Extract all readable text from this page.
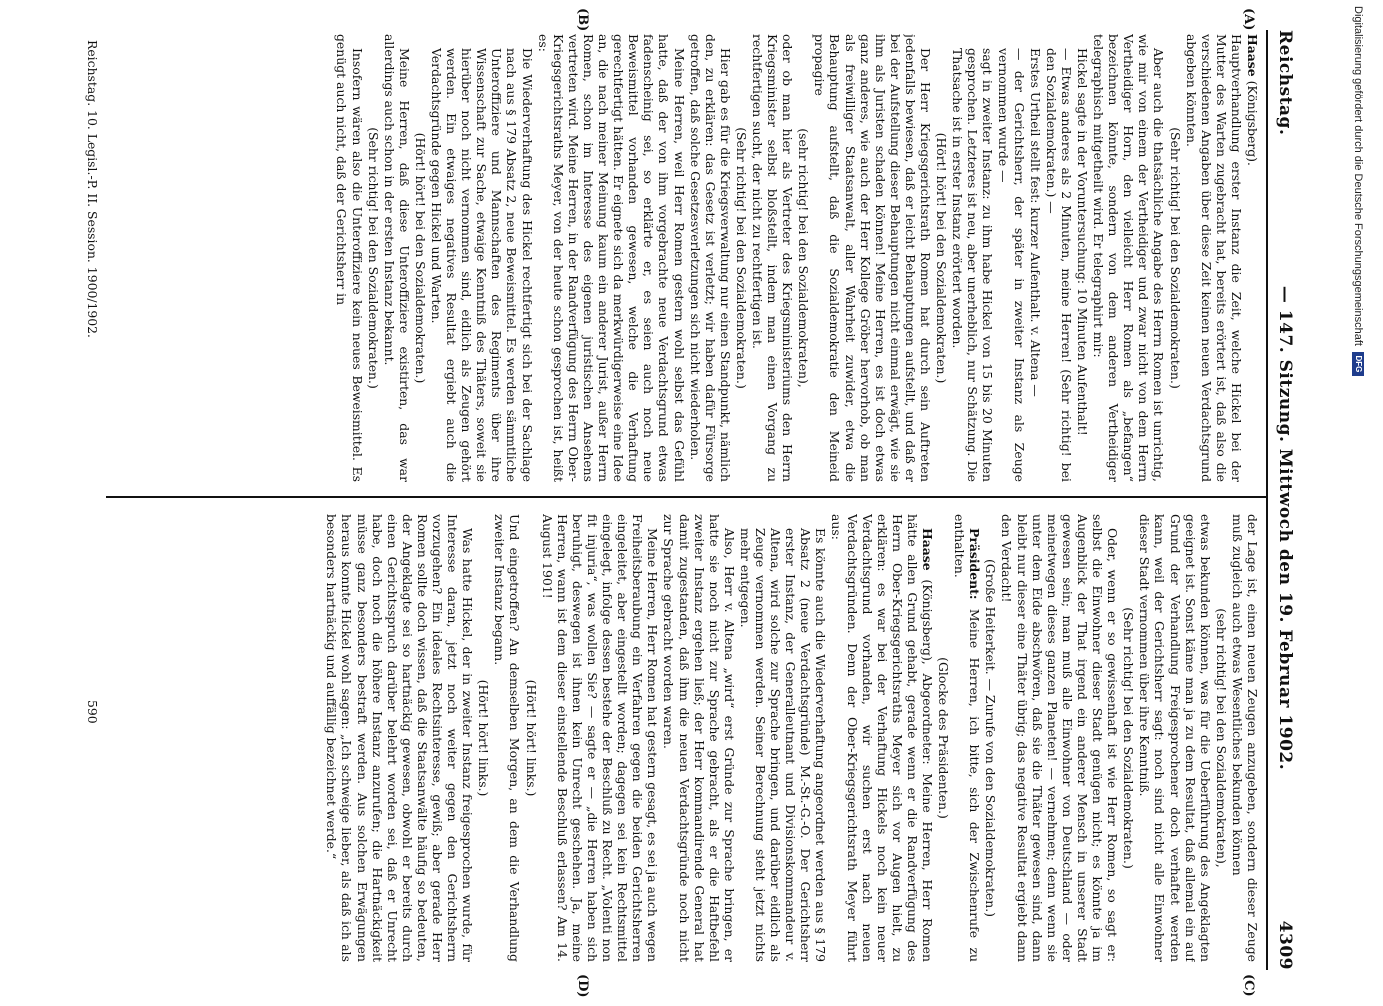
Reichstag.
— 147. Sitzung. Mittwoch den 19. Februar 1902.
4309
(A)
(B)
(C)
(D)

Haase (Königsberg).

Hauptverhandlung erster Instanz die Zeit, welche Hickel bei der Mutter des Warten zugebracht hat, bereits erörtert ist, daß also die verschiedenen Angaben über diese Zeit keinen neuen Verdachtsgrund abgeben könnten.

(Sehr richtig! bei den Sozialdemokraten.)

Aber auch die thatsächliche Angabe des Herrn Romen ist unrichtig, wie mir von einem der Vertheidiger und zwar nicht von dem Herrn Vertheidiger Horn, den vielleicht Herr Romen als „befangen“ bezeichnen könnte, sondern von dem anderen Vertheidiger telegraphisch mitgetheilt wird. Er telegraphirt mir:

Hickel sagte in der Voruntersuchung: 10 Minuten Aufenthalt!

— Etwas anderes als 2 Minuten, meine Herren! (Sehr richtig! bei den Sozialdemokraten.) —

Erstes Urtheil stellt fest: kurzer Aufenthalt. v. Altena —

— der Gerichtsherr, der später in zweiter Instanz als Zeuge vernommen wurde —

sagt in zweiter Instanz: zu ihm habe Hickel von 15 bis 20 Minuten gesprochen. Letzteres ist neu, aber unerheblich, nur Schätzung. Die Thatsache ist in erster Instanz erörtert worden.

(Hört! hört! bei den Sozialdemokraten.)

Der Herr Kriegsgerichtsrath Romen hat durch sein Auftreten jedenfalls bewiesen, daß er leicht Behauptungen aufstellt, und daß er bei der Aufstellung dieser Behauptungen nicht einmal erwägt, wie sie ihm als Juristen schaden können! Meine Herren, es ist doch etwas ganz anderes, wie auch der Herr Kollege Gröber hervorhob, ob man als freiwilliger Staatsanwalt, aller Wahrheit zuwider, etwa die Behauptung aufstellt, daß die Sozialdemokratie den Meineid propagire

(sehr richtig! bei den Sozialdemokraten),

oder ob man hier als Vertreter des Kriegsministeriums den Herrn Kriegsminister selbst bloßstellt, indem man einen Vorgang zu rechtfertigen sucht, der nicht zu rechtfertigen ist.

(Sehr richtig! bei den Sozialdemokraten.)

Hier gab es für die Kriegsverwaltung nur einen Standpunkt, nämlich den, zu erklären: das Gesetz ist verletzt; wir haben dafür Fürsorge getroffen, daß solche Gesetzesverletzungen sich nicht wiederholen.

Meine Herren, weil Herr Romen gestern wohl selbst das Gefühl hatte, daß der von ihm vorgebrachte neue Verdachtsgrund etwas fadenscheinig sei, so erklärte er, es seien auch noch neue Beweismittel vorhanden gewesen, welche die Verhaftung gerechtfertigt hätten. Er eignete sich da merkwürdigerweise eine Idee an, die nach meiner Meinung kaum ein anderer Jurist, außer Herrn Romen, schon im Interesse des eigenen juristischen Ansehens vertreten wird. Meine Herren, in der Randverfügung des Herrn Ober-Kriegsgerichtsraths Meyer, von der heute schon gesprochen ist, heißt es:

Die Wiederverhaftung des Hickel rechtfertigt sich bei der Sachlage nach aus § 179 Absatz 2, neue Beweismittel. Es werden sämmtliche Unteroffiziere und Mannschaften des Regiments über ihre Wissenschaft zur Sache, etwaige Kenntniß des Thäters, soweit sie hierüber noch nicht vernommen sind, eidlich als Zeugen gehört werden. Ein etwaiges negatives Resultat ergiebt auch die Verdachtsgründe gegen Hickel und Warten.

(Hört! hört! bei den Sozialdemokraten.)

Meine Herren, daß diese Unteroffiziere existirten, das war allerdings auch schon in der ersten Instanz bekannt.

(Sehr richtig! bei den Sozialdemokraten.)

Insofern wären also die Unteroffiziere kein neues Beweismittel. Es genügt auch nicht, daß der Gerichtsherr in

der Lage ist, einen neuen Zeugen anzugeben, sondern dieser Zeuge muß zugleich auch etwas Wesentliches bekunden können

(sehr richtig! bei den Sozialdemokraten),

etwas bekunden können, was für die Ueberführung des Angeklagten geeignet ist. Sonst käme man ja zu dem Resultat, daß allemal ein auf Grund der Verhandlung Freigesprochener doch verhaftet werden kann, weil der Gerichtsherr sagt: noch sind nicht alle Einwohner dieser Stadt vernommen über ihre Kenntniß.

(Sehr richtig! bei den Sozialdemokraten.)

Oder, wenn er so gewissenhaft ist wie Herr Romen, so sagt er: selbst die Einwohner dieser Stadt genügen nicht; es könnte ja im Augenblick der That irgend ein anderer Mensch in unserer Stadt gewesen sein; man muß alle Einwohner von Deutschland — oder meinetwegen dieses ganzen Planeten! — vernehmen; denn wenn sie unter dem Eide abschwören, daß sie die Thäter gewesen sind, dann bleibt nur dieser eine Thäter übrig; das negative Resultat ergiebt dann den Verdacht!

(Große Heiterkeit. — Zurufe von den Sozialdemokraten.)

Präsident: Meine Herren, ich bitte, sich der Zwischenrufe zu enthalten.

(Glocke des Präsidenten.)

Haase (Königsberg), Abgeordneter: Meine Herren, Herr Romen hätte allen Grund gehabt, gerade wenn er die Randverfügung des Herrn Ober-Kriegsgerichtsraths Meyer sich vor Augen hielt, zu erklären: es war bei der Verhaftung Hickels noch kein neuer Verdachtsgrund vorhanden, wir suchen erst nach neuen Verdachtsgründen. Denn der Ober-Kriegsgerichtsrath Meyer führt aus:

Es könnte auch die Wiederverhaftung angeordnet werden aus § 179 Absatz 2 (neue Verdachtsgründe) M.-St.-G.-O. Der Gerichtsherr erster Instanz, der Generalleutnant und Divisionskommandeur v. Altena, wird solche zur Sprache bringen, und darüber eidlich als Zeuge vernommen werden. Seiner Berechnung steht jetzt nichts mehr entgegen.

Also, Herr v. Altena „wird“ erst Gründe zur Sprache bringen, er hatte sie noch nicht zur Sprache gebracht, als er die Haftbefehl zweiter Instanz ergehen ließ; der Herr kommandirende General hat damit zugestanden, daß ihm die neuen Verdachtsgründe noch nicht zur Sprache gebracht worden waren.

Meine Herren, Herr Romen hat gestern gesagt, es sei ja auch wegen Freiheitsberaubung ein Verfahren gegen die beiden Gerichtsherren eingeleitet, aber eingestellt worden; dagegen sei kein Rechtsmittel eingelegt, infolge dessen bestehe der Beschluß zu Recht. „Volenti non fit injuria“, was wollen Sie? — sagte er — „die Herren haben sich beruhigt, deswegen ist ihnen kein Unrecht geschehen. Ja, meine Herren, wann ist dem dieser einstellende Beschluß erlassen? Am 14. August 1901!

(Hört! hört! links.)

Und eingetroffen? An demselben Morgen, an dem die Verhandlung zweiter Instanz begann.

(Hört! hört! links.)

Was hatte Hickel, der in zweiter Instanz freigesprochen wurde, für Interesse daran, jetzt noch weiter gegen den Gerichtsherrn vorzugehen? Ein ideales Rechtsinteresse, gewiß; aber gerade Herr Romen sollte doch wissen, daß die Staatsanwälte häufig so bedeuten, der Angeklagte sei so hartnäckig gewesen, obwohl er bereits durch einen Gerichtsspruch darüber belehrt worden sei, daß er Unrecht habe, doch noch die höhere Instanz anzurufen; die Hartnäckigkeit müsse ganz besonders bestraft werden. Aus solchen Erwägungen heraus konnte Hickel wohl sagen: „Ich schweige lieber, als daß ich als besonders hartnäckig und auffällig bezeichnet werde.“

Reichstag. 10. Legisl.-P. II. Session. 1900/1902.
590
Digitalisierung gefördert durch die Deutsche Forschungsgemeinschaft
DFG
